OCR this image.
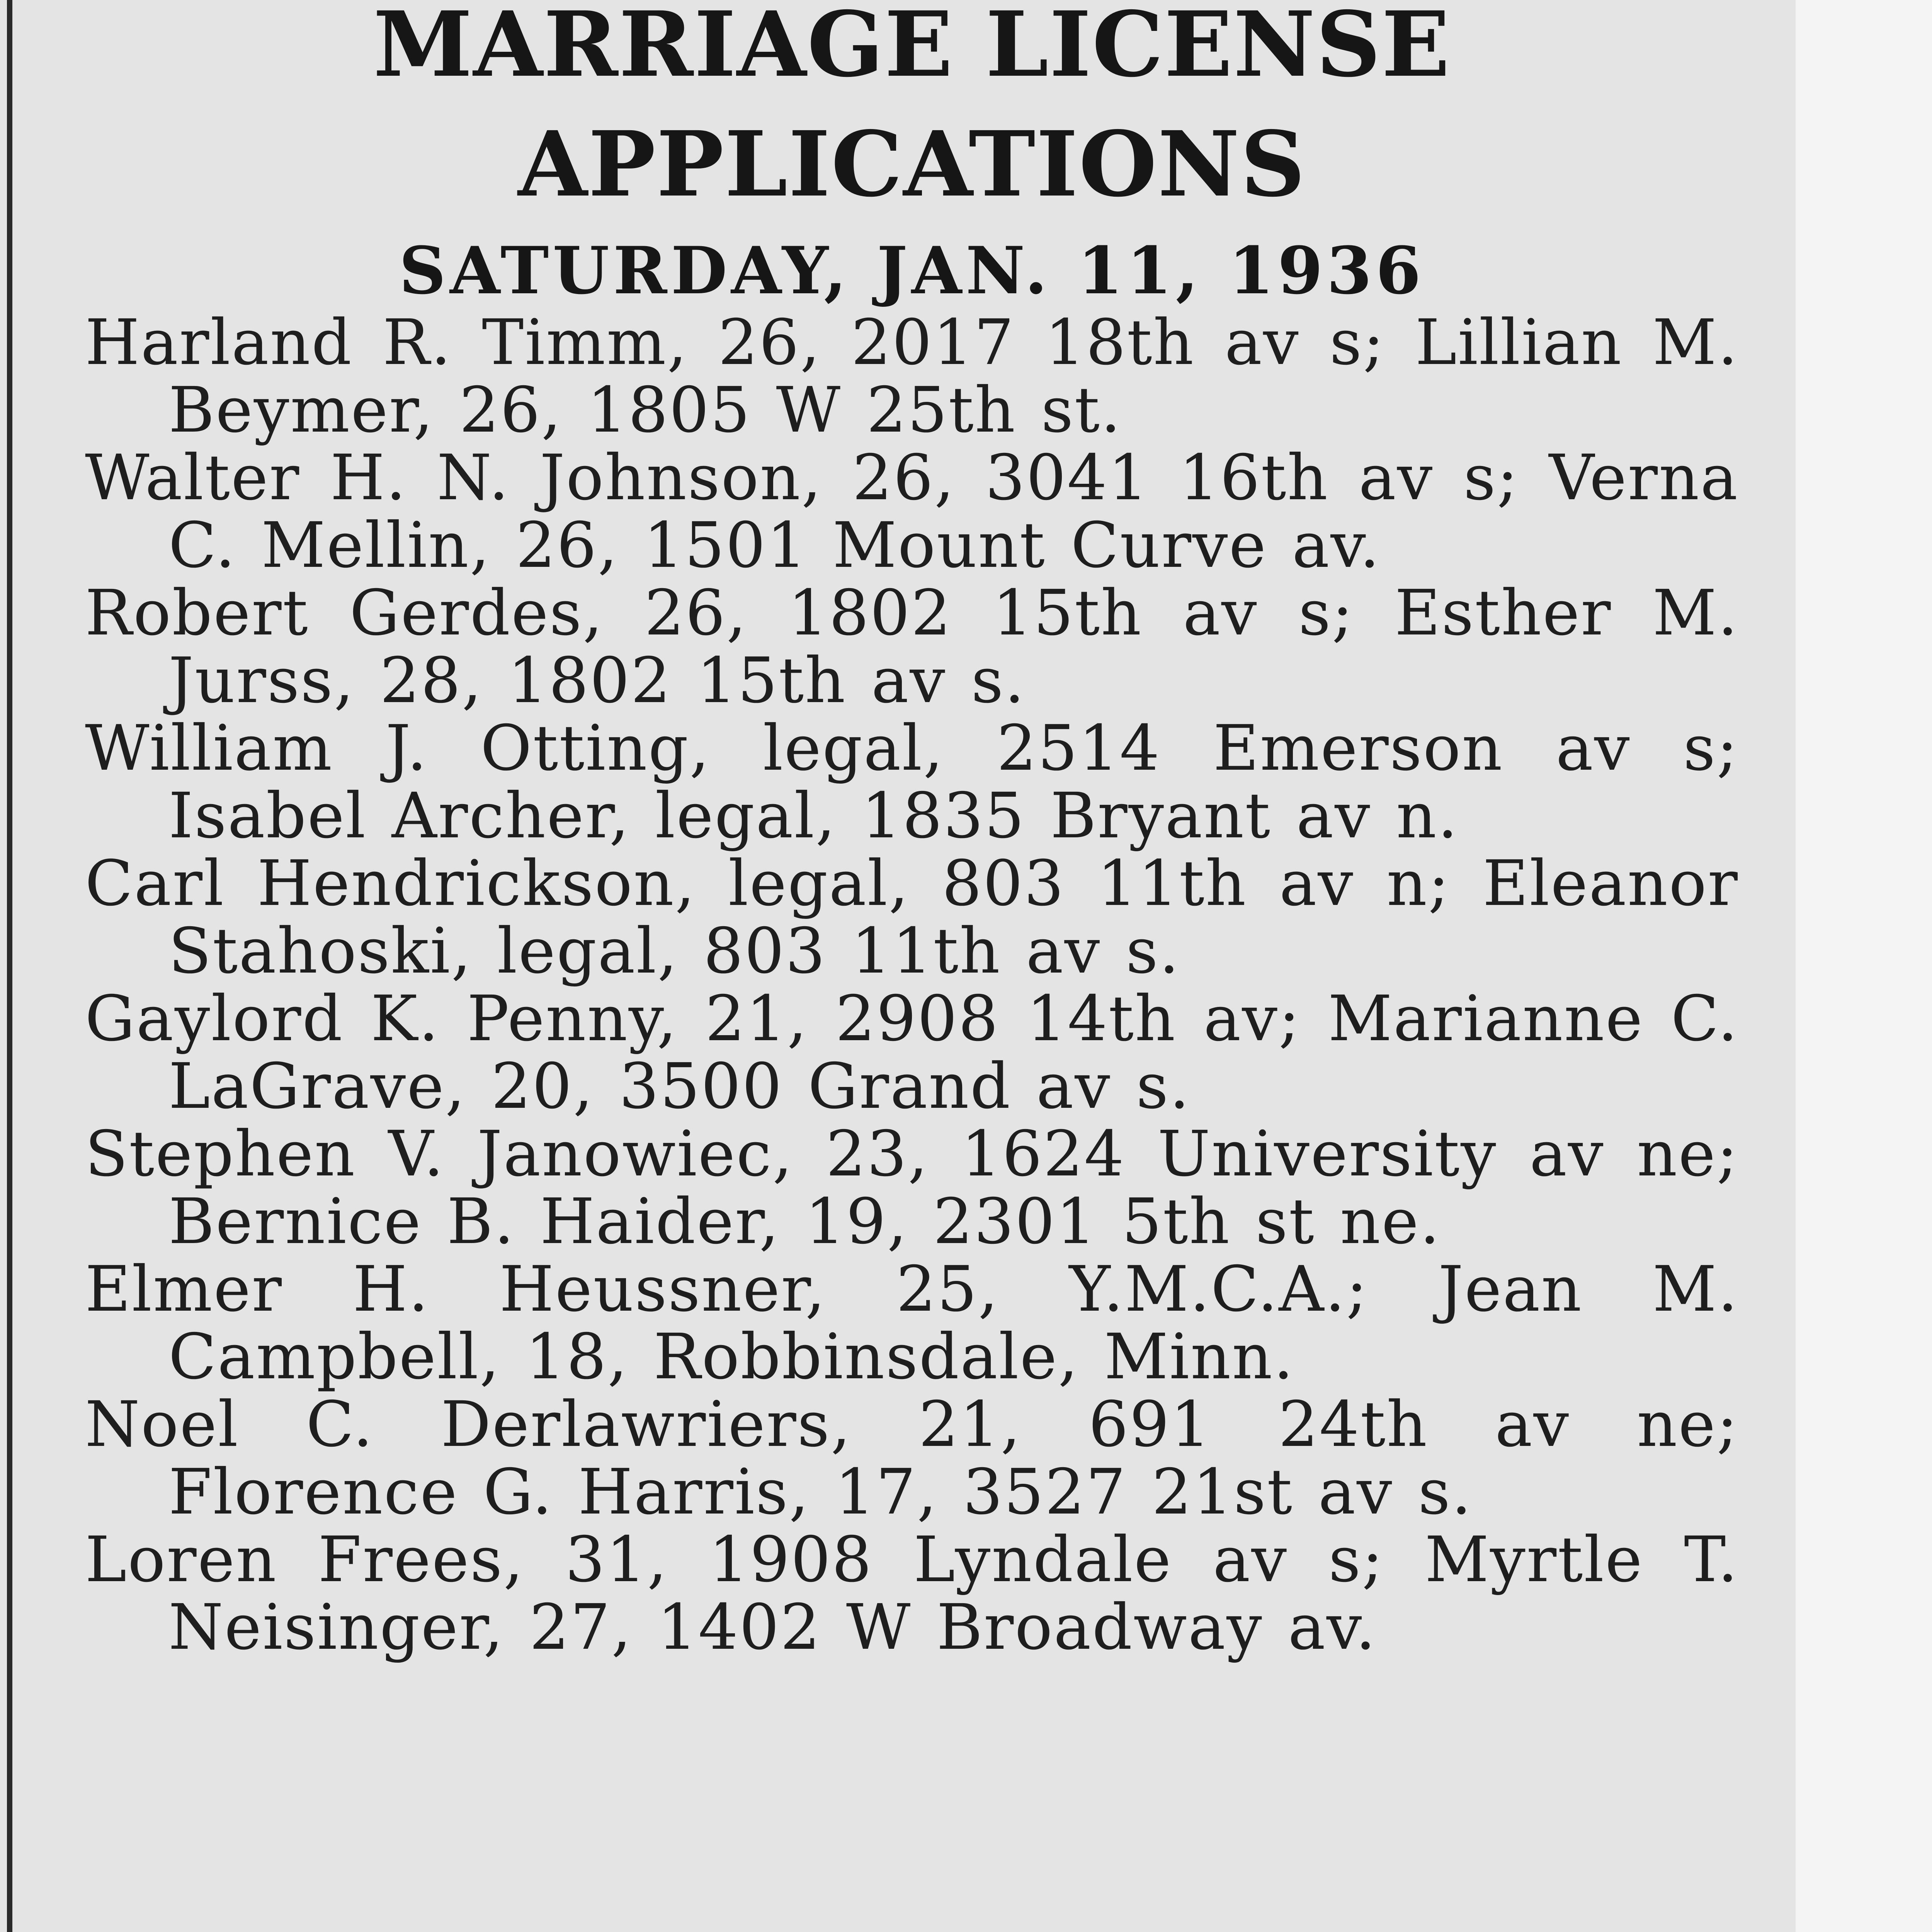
MARRIAGE LICENSE
APPLICATIONS

SATURDAY, JAN. 11, 1936

Harland R. Timm, 26, 2017 18th av s; Lillian M. Beymer, 26, 1805 W 25th st.
Walter H. N. Johnson, 26, 3041 16th av s; Verna C. Mellin, 26, 1501 Mount Curve av.
Robert Gerdes, 26, 1802 15th av s; Esther M. Jurss, 28, 1802 15th av s.
William J. Otting, legal, 2514 Emerson av s; Isabel Archer, legal, 1835 Bryant av n.
Carl Hendrickson, legal, 803 11th av n; Eleanor Stahoski, legal, 803 11th av s.
Gaylord K. Penny, 21, 2908 14th av; Marianne C. LaGrave, 20, 3500 Grand av s.
Stephen V. Janowiec, 23, 1624 University av ne; Bernice B. Haider, 19, 2301 5th st ne.
Elmer H. Heussner, 25, Y.M.C.A.; Jean M. Campbell, 18, Robbinsdale, Minn.
Noel C. Derlawriers, 21, 691 24th av ne; Florence G. Harris, 17, 3527 21st av s.
Loren Frees, 31, 1908 Lyndale av s; Myrtle T. Neisinger, 27, 1402 W Broadway av.
